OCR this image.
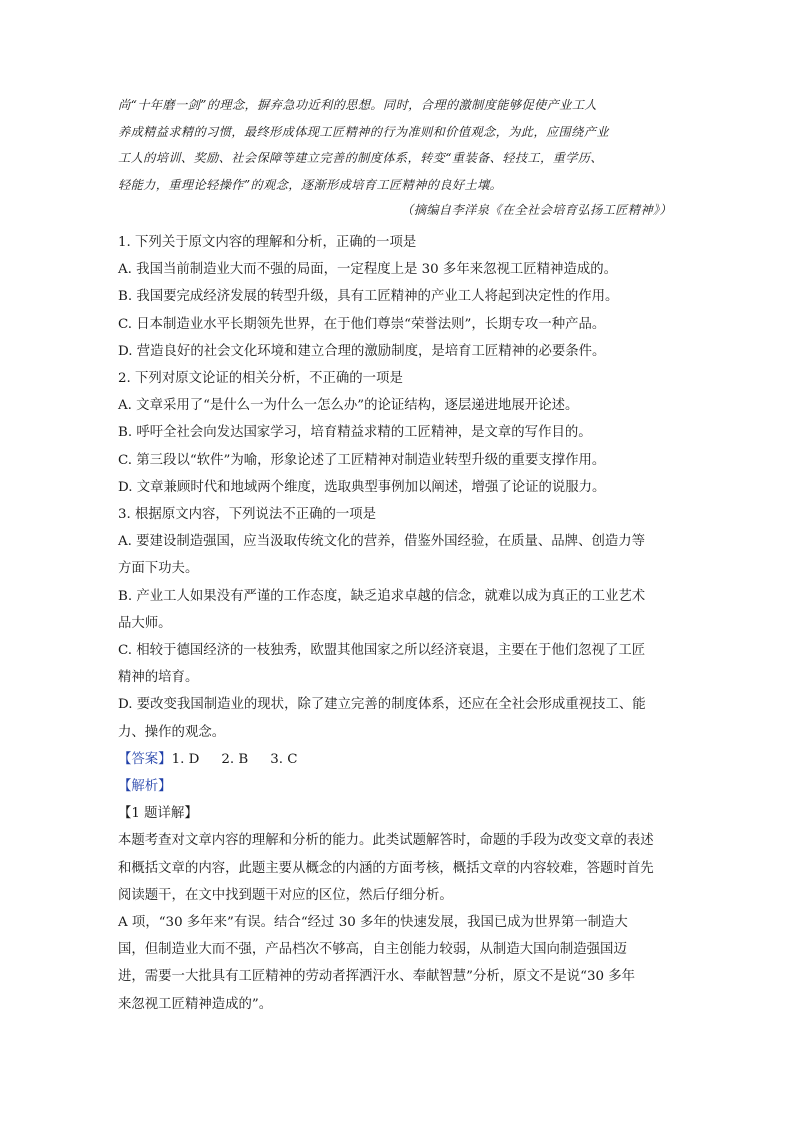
尚“十年磨一剑”的理念，摒弃急功近利的思想。同时，合理的激制度能够促使产业工人

养成精益求精的习惯，最终形成体现工匠精神的行为准则和价值观念，为此，应围绕产业

工人的培训、奖励、社会保障等建立完善的制度体系，转变“重装备、轻技工，重学历、

轻能力，重理论轻操作”的观念，逐渐形成培育工匠精神的良好土壤。

（摘编自李洋泉《在全社会培育弘扬工匠精神》）

1. 下列关于原文内容的理解和分析，正确的一项是

A. 我国当前制造业大而不强的局面，一定程度上是 30 多年来忽视工匠精神造成的。

B. 我国要完成经济发展的转型升级，具有工匠精神的产业工人将起到决定性的作用。

C. 日本制造业水平长期领先世界，在于他们尊崇“荣誉法则”，长期专攻一种产品。

D. 营造良好的社会文化环境和建立合理的激励制度，是培育工匠精神的必要条件。

2. 下列对原文论证的相关分析，不正确的一项是

A. 文章采用了“是什么一为什么一怎么办”的论证结构，逐层递进地展开论述。

B. 呼吁全社会向发达国家学习，培育精益求精的工匠精神，是文章的写作目的。

C. 第三段以“软件”为喻，形象论述了工匠精神对制造业转型升级的重要支撑作用。

D. 文章兼顾时代和地域两个维度，选取典型事例加以阐述，增强了论证的说服力。

3. 根据原文内容，下列说法不正确的一项是

A. 要建设制造强国，应当汲取传统文化的营养，借鉴外国经验，在质量、品牌、创造力等

方面下功夫。

B. 产业工人如果没有严谨的工作态度，缺乏追求卓越的信念，就难以成为真正的工业艺术

品大师。

C. 相较于德国经济的一枝独秀，欧盟其他国家之所以经济衰退，主要在于他们忽视了工匠

精神的培育。

D. 要改变我国制造业的现状，除了建立完善的制度体系，还应在全社会形成重视技工、能

力、操作的观念。

【答案】1. D 2. B 3. C

【解析】

【1 题详解】

本题考查对文章内容的理解和分析的能力。此类试题解答时，命题的手段为改变文章的表述

和概括文章的内容，此题主要从概念的内涵的方面考核，概括文章的内容较难，答题时首先

阅读题干，在文中找到题干对应的区位，然后仔细分析。

A 项，“30 多年来”有误。结合“经过 30 多年的快速发展，我国已成为世界第一制造大

国，但制造业大而不强，产品档次不够高，自主创能力较弱，从制造大国向制造强国迈

进，需要一大批具有工匠精神的劳动者挥洒汗水、奉献智慧”分析，原文不是说“30 多年

来忽视工匠精神造成的”。
